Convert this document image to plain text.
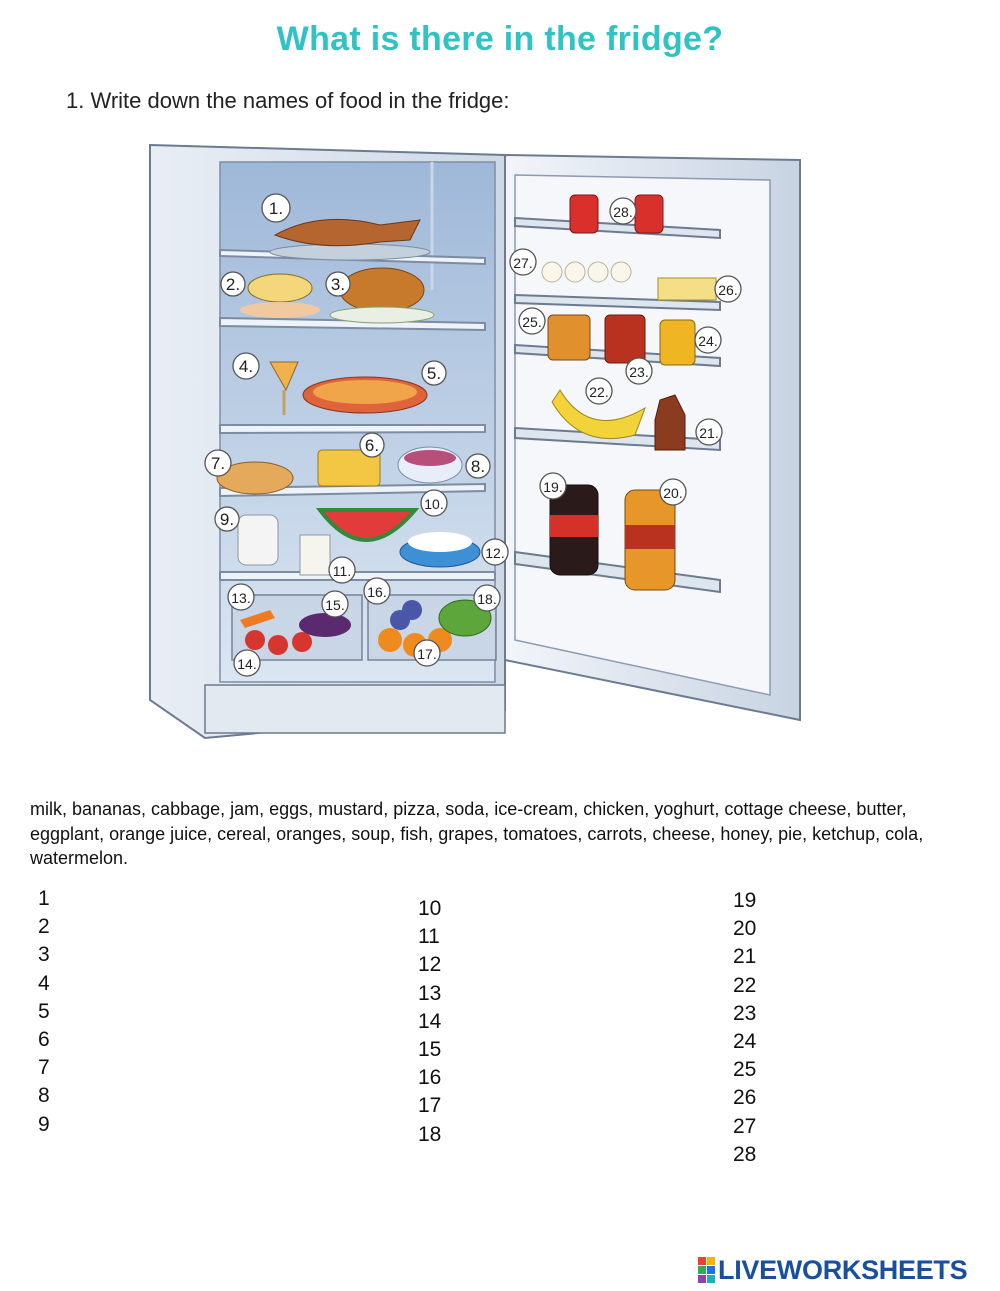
What is there in the fridge?
1. Write down the names of food in the fridge:
1.
2.	3.
4.	5.
6.
7.	8.
9.
10.
11.
12.
13.
14.
15.
16.
17.
18.
19.	20.
21.
22.
23.
24.
25.
26.
27.
28.
milk, bananas, cabbage, jam, eggs, mustard, pizza, soda, ice-cream, chicken, yoghurt, cottage cheese, butter, eggplant, orange juice, cereal, oranges, soup, fish, grapes, tomatoes, carrots, cheese, honey, pie, ketchup, cola, watermelon.
1
2
3
4
5
6
7
8
9
10
11
12
13
14
15
16
17
18
19
20
21
22
23
24
25
26
27
28
LIVEWORKSHEETS
